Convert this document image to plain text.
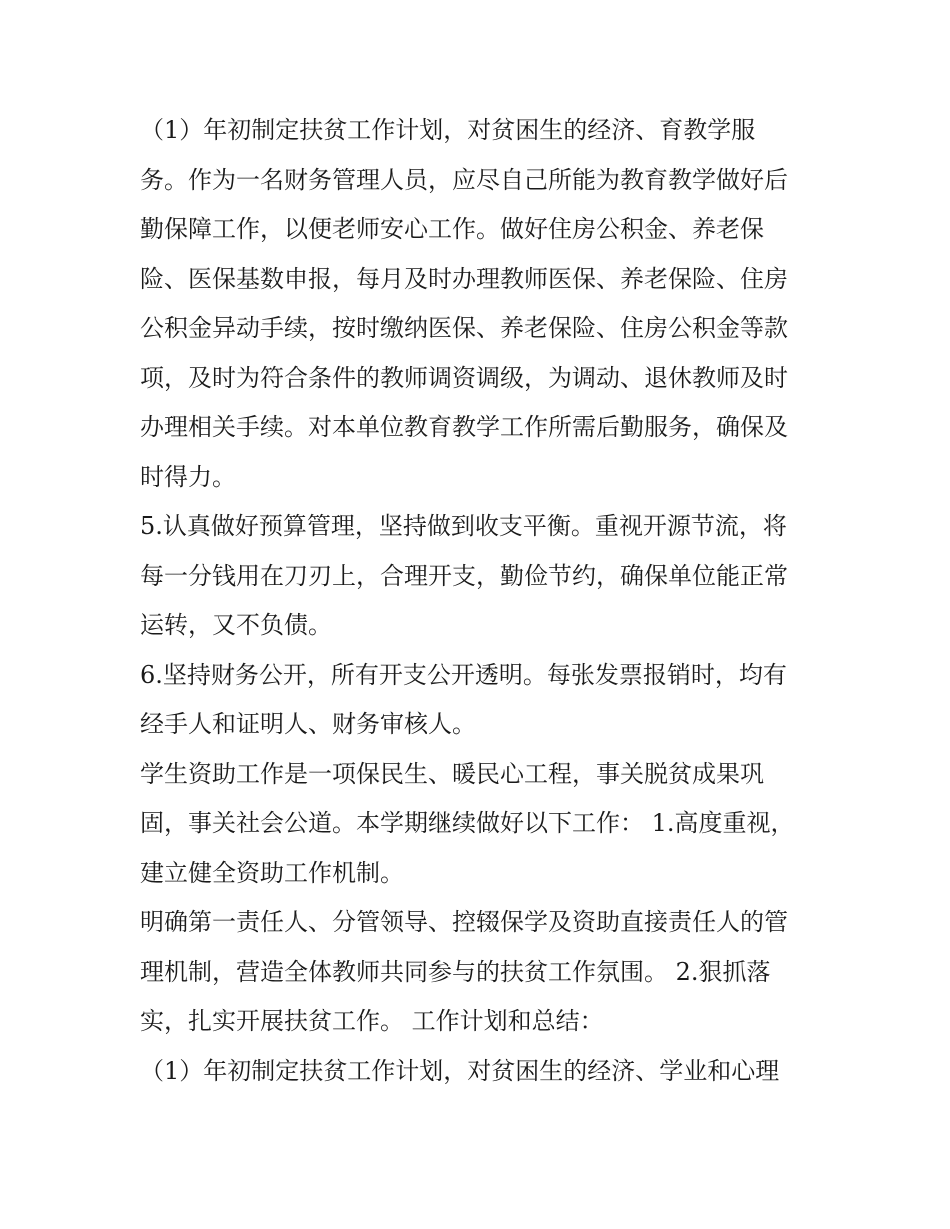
（1）年初制定扶贫工作计划，对贫困生的经济、育教学服
务。作为一名财务管理人员，应尽自己所能为教育教学做好后
勤保障工作，以便老师安心工作。做好住房公积金、养老保
险、医保基数申报，每月及时办理教师医保、养老保险、住房
公积金异动手续，按时缴纳医保、养老保险、住房公积金等款
项，及时为符合条件的教师调资调级，为调动、退休教师及时
办理相关手续。对本单位教育教学工作所需后勤服务，确保及
时得力。
5.认真做好预算管理，坚持做到收支平衡。重视开源节流，将
每一分钱用在刀刃上，合理开支，勤俭节约，确保单位能正常
运转，又不负债。
6.坚持财务公开，所有开支公开透明。每张发票报销时，均有
经手人和证明人、财务审核人。
学生资助工作是一项保民生、暖民心工程，事关脱贫成果巩
固，事关社会公道。本学期继续做好以下工作： 1.高度重视，
建立健全资助工作机制。
明确第一责任人、分管领导、控辍保学及资助直接责任人的管
理机制，营造全体教师共同参与的扶贫工作氛围。 2.狠抓落
实，扎实开展扶贫工作。 工作计划和总结：
（1）年初制定扶贫工作计划，对贫困生的经济、学业和心理
